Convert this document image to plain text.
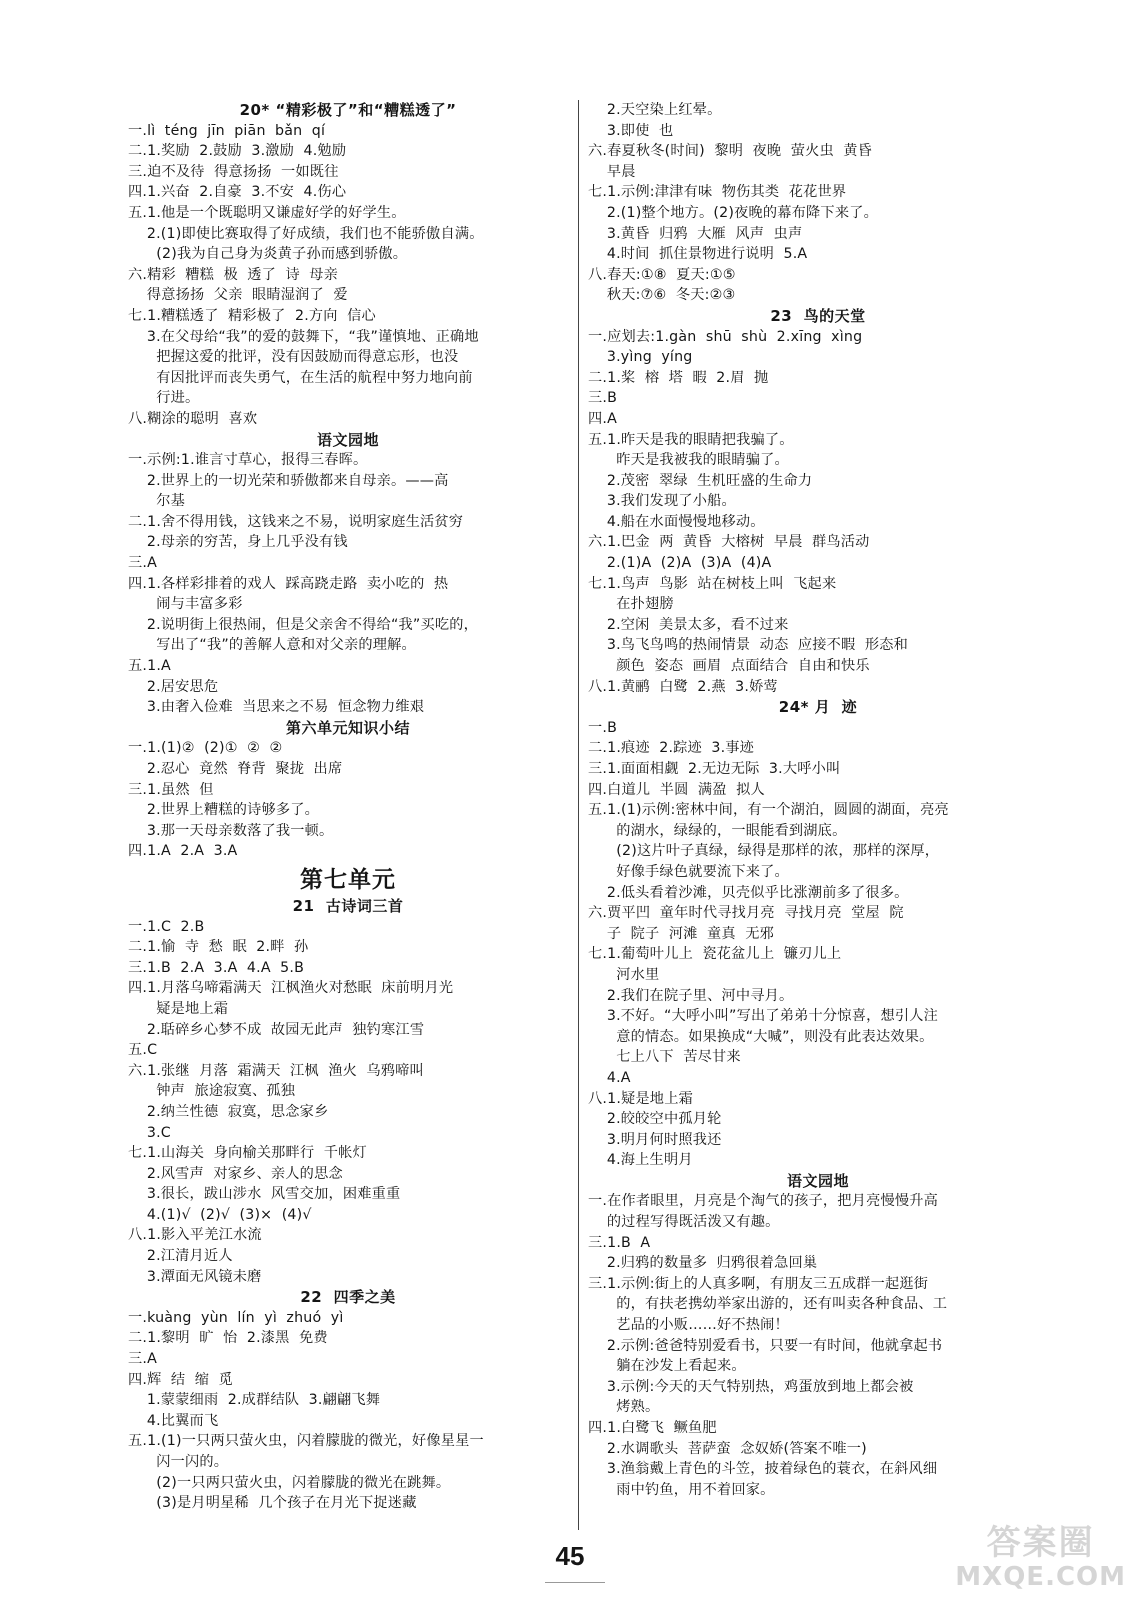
20* “精彩极了”和“糟糕透了”
一.lì  téng  jīn  piān  bǎn  qí
二.1.奖励  2.鼓励  3.激励  4.勉励
三.迫不及待  得意扬扬  一如既往
四.1.兴奋  2.自豪  3.不安  4.伤心
五.1.他是一个既聪明又谦虚好学的好学生。
2.(1)即使比赛取得了好成绩，我们也不能骄傲自满。
(2)我为自己身为炎黄子孙而感到骄傲。
六.精彩  糟糕  极  透了  诗  母亲
得意扬扬  父亲  眼睛湿润了  爱
七.1.糟糕透了  精彩极了  2.方向  信心
3.在父母给“我”的爱的鼓舞下，“我”谨慎地、正确地
把握这爱的批评，没有因鼓励而得意忘形，也没
有因批评而丧失勇气，在生活的航程中努力地向前
行进。
八.糊涂的聪明  喜欢
语文园地
一.示例:1.谁言寸草心，报得三春晖。
2.世界上的一切光荣和骄傲都来自母亲。——高
尔基
二.1.舍不得用钱，这钱来之不易，说明家庭生活贫穷
2.母亲的穷苦，身上几乎没有钱
三.A
四.1.各样彩排着的戏人  踩高跷走路  卖小吃的  热
闹与丰富多彩
2.说明街上很热闹，但是父亲舍不得给“我”买吃的，
写出了“我”的善解人意和对父亲的理解。
五.1.A
2.居安思危
3.由奢入俭难  当思来之不易  恒念物力维艰
第六单元知识小结
一.1.(1)②  (2)①  ②  ②
2.忍心  竟然  脊背  聚拢  出席
三.1.虽然  但
2.世界上糟糕的诗够多了。
3.那一天母亲数落了我一顿。
四.1.A  2.A  3.A
第七单元
21  古诗词三首
一.1.C  2.B
二.1.愉  寺  愁  眠  2.畔  孙
三.1.B  2.A  3.A  4.A  5.B
四.1.月落乌啼霜满天  江枫渔火对愁眠  床前明月光
疑是地上霜
2.聒碎乡心梦不成  故园无此声  独钓寒江雪
五.C
六.1.张继  月落  霜满天  江枫  渔火  乌鸦啼叫
钟声  旅途寂寞、孤独
2.纳兰性德  寂寞，思念家乡
3.C
七.1.山海关  身向榆关那畔行  千帐灯
2.风雪声  对家乡、亲人的思念
3.很长，跋山涉水  风雪交加，困难重重
4.(1)√  (2)√  (3)×  (4)√
八.1.影入平羌江水流
2.江清月近人
3.潭面无风镜未磨
22  四季之美
一.kuàng  yùn  lín  yì  zhuó  yì
二.1.黎明  旷  怡  2.漆黑  免费
三.A
四.辉  结  缩  觅
1.蒙蒙细雨  2.成群结队  3.翩翩飞舞
4.比翼而飞
五.1.(1)一只两只萤火虫，闪着朦胧的微光，好像星星一
闪一闪的。
(2)一只两只萤火虫，闪着朦胧的微光在跳舞。
(3)是月明星稀  几个孩子在月光下捉迷藏
2.天空染上红晕。
3.即使  也
六.春夏秋冬(时间)  黎明  夜晚  萤火虫  黄昏
早晨
七.1.示例:津津有味  物伤其类  花花世界
2.(1)整个地方。(2)夜晚的幕布降下来了。
3.黄昏  归鸦  大雁  风声  虫声
4.时间  抓住景物进行说明  5.A
八.春天:①⑧  夏天:①⑤
秋天:⑦⑥  冬天:②③
23  鸟的天堂
一.应划去:1.gàn  shū  shù  2.xīng  xìng
3.yìng  yíng
二.1.桨  榕  塔  暇  2.眉  抛
三.B
四.A
五.1.昨天是我的眼睛把我骗了。
昨天是我被我的眼睛骗了。
2.茂密  翠绿  生机旺盛的生命力
3.我们发现了小船。
4.船在水面慢慢地移动。
六.1.巴金  两  黄昏  大榕树  早晨  群鸟活动
2.(1)A  (2)A  (3)A  (4)A
七.1.鸟声  鸟影  站在树枝上叫  飞起来
在扑翅膀
2.空闲  美景太多，看不过来
3.鸟飞鸟鸣的热闹情景  动态  应接不暇  形态和
颜色  姿态  画眉  点面结合  自由和快乐
八.1.黄鹂  白鹭  2.燕  3.娇莺
24* 月  迹
一.B
二.1.痕迹  2.踪迹  3.事迹
三.1.面面相觑  2.无边无际  3.大呼小叫
四.白道儿  半圆  满盈  拟人
五.1.(1)示例:密林中间，有一个湖泊，圆圆的湖面，亮亮
的湖水，绿绿的，一眼能看到湖底。
(2)这片叶子真绿，绿得是那样的浓，那样的深厚，
好像手绿色就要流下来了。
2.低头看着沙滩，贝壳似乎比涨潮前多了很多。
六.贾平凹  童年时代寻找月亮  寻找月亮  堂屋  院
子  院子  河滩  童真  无邪
七.1.葡萄叶儿上  瓷花盆儿上  镰刃儿上
河水里
2.我们在院子里、河中寻月。
3.不好。“大呼小叫”写出了弟弟十分惊喜，想引人注
意的情态。如果换成“大喊”，则没有此表达效果。
七上八下  苦尽甘来
4.A
八.1.疑是地上霜
2.皎皎空中孤月轮
3.明月何时照我还
4.海上生明月
语文园地
一.在作者眼里，月亮是个淘气的孩子，把月亮慢慢升高
的过程写得既活泼又有趣。
三.1.B  A
2.归鸦的数量多  归鸦很着急回巢
三.1.示例:街上的人真多啊，有朋友三五成群一起逛街
的，有扶老携幼举家出游的，还有叫卖各种食品、工
艺品的小贩……好不热闹！
2.示例:爸爸特别爱看书，只要一有时间，他就拿起书
躺在沙发上看起来。
3.示例:今天的天气特别热，鸡蛋放到地上都会被
烤熟。
四.1.白鹭飞  鳜鱼肥
2.水调歌头  菩萨蛮  念奴娇(答案不唯一)
3.渔翁戴上青色的斗笠，披着绿色的蓑衣，在斜风细
雨中钓鱼，用不着回家。
45	答案圈
MXQE.COM
